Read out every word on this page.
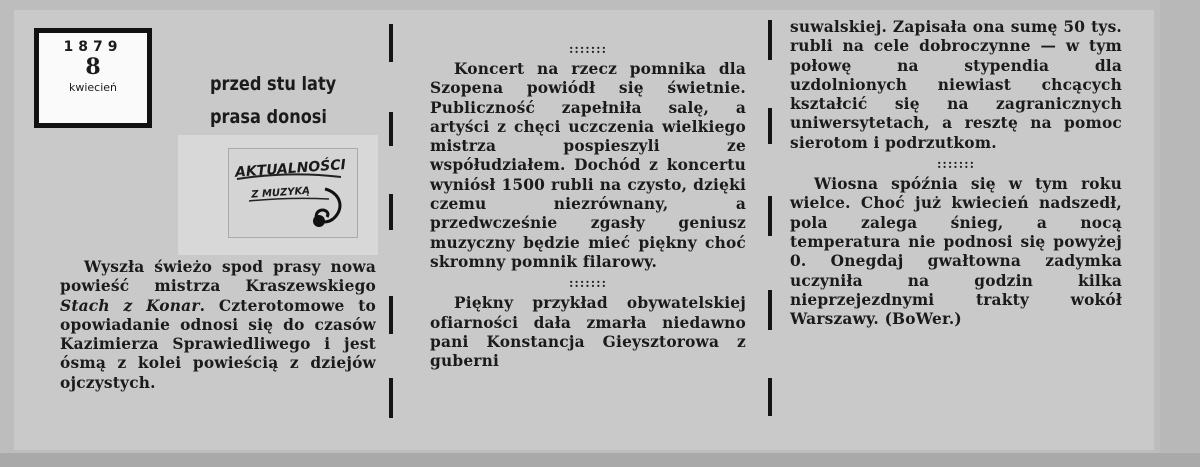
1879
8
kwiecień	przed stu laty
prasa donosi
AKTUALNOŚCI
Z MUZYKĄ

Wyszła świeżo spod prasy nowa powieść mistrza Kraszewskiego Stach z Konar. Czterotomowe to opowiadanie odnosi się do czasów Kazimierza Sprawiedliwego i jest ósmą z kolei powieścią z dziejów ojczystych.

:::::::

Koncert na rzecz pomnika dla Szopena powiódł się świetnie. Publiczność zapełniła salę, a artyści z chęci uczczenia wielkiego mistrza pospieszyli ze współudziałem. Dochód z koncertu wyniósł 1500 rubli na czysto, dzięki czemu niezrównany, a przedwcześnie zgasły geniusz muzyczny będzie mieć piękny choć skromny pomnik filarowy.

:::::::

Piękny przykład obywatelskiej ofiarności dała zmarła niedawno pani Konstancja Gieysztorowa z guberni

suwalskiej. Zapisała ona sumę 50 tys. rubli na cele dobroczynne — w tym połowę na stypendia dla uzdolnionych niewiast chcących kształcić się na zagranicznych uniwersytetach, a resztę na pomoc sierotom i podrzutkom.

:::::::

Wiosna spóźnia się w tym roku wielce. Choć już kwiecień nadszedł, pola zalega śnieg, a nocą temperatura nie podnosi się powyżej 0. Onegdaj gwałtowna zadymka uczyniła na godzin kilka nieprzejezdnymi trakty wokół Warszawy. (BoWer.)
